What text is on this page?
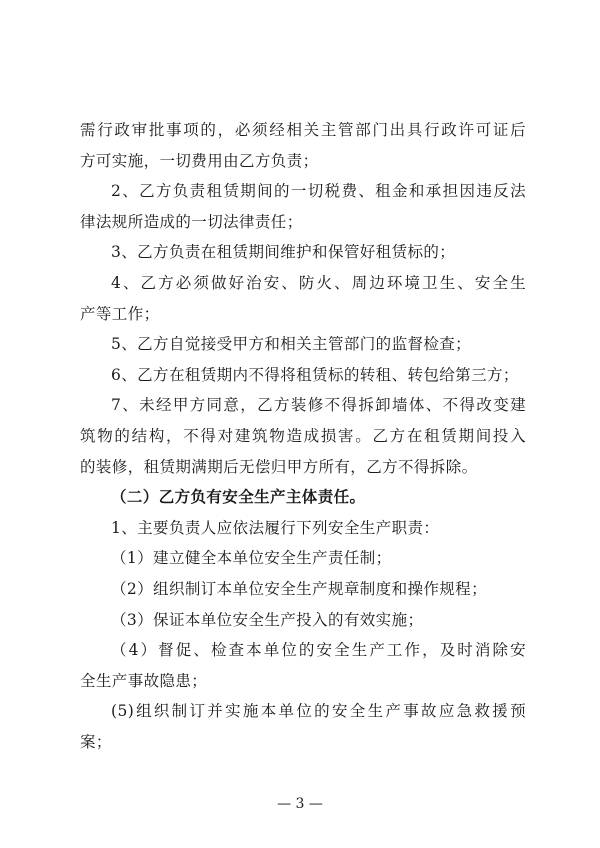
需行政审批事项的，必须经相关主管部门出具行政许可证后
方可实施，一切费用由乙方负责；
2、乙方负责租赁期间的一切税费、租金和承担因违反法
律法规所造成的一切法律责任；
3、乙方负责在租赁期间维护和保管好租赁标的；
4、乙方必须做好治安、防火、周边环境卫生、安全生
产等工作；
5、乙方自觉接受甲方和相关主管部门的监督检查；
6、乙方在租赁期内不得将租赁标的转租、转包给第三方；
7、未经甲方同意，乙方装修不得拆卸墙体、不得改变建
筑物的结构，不得对建筑物造成损害。乙方在租赁期间投入
的装修，租赁期满期后无偿归甲方所有，乙方不得拆除。
（二）乙方负有安全生产主体责任。
1、主要负责人应依法履行下列安全生产职责：
（1）建立健全本单位安全生产责任制；
（2）组织制订本单位安全生产规章制度和操作规程；
（3）保证本单位安全生产投入的有效实施；
（4）督促、检查本单位的安全生产工作，及时消除安
全生产事故隐患；
(5)组织制订并实施本单位的安全生产事故应急救援预
案；
— 3 —
